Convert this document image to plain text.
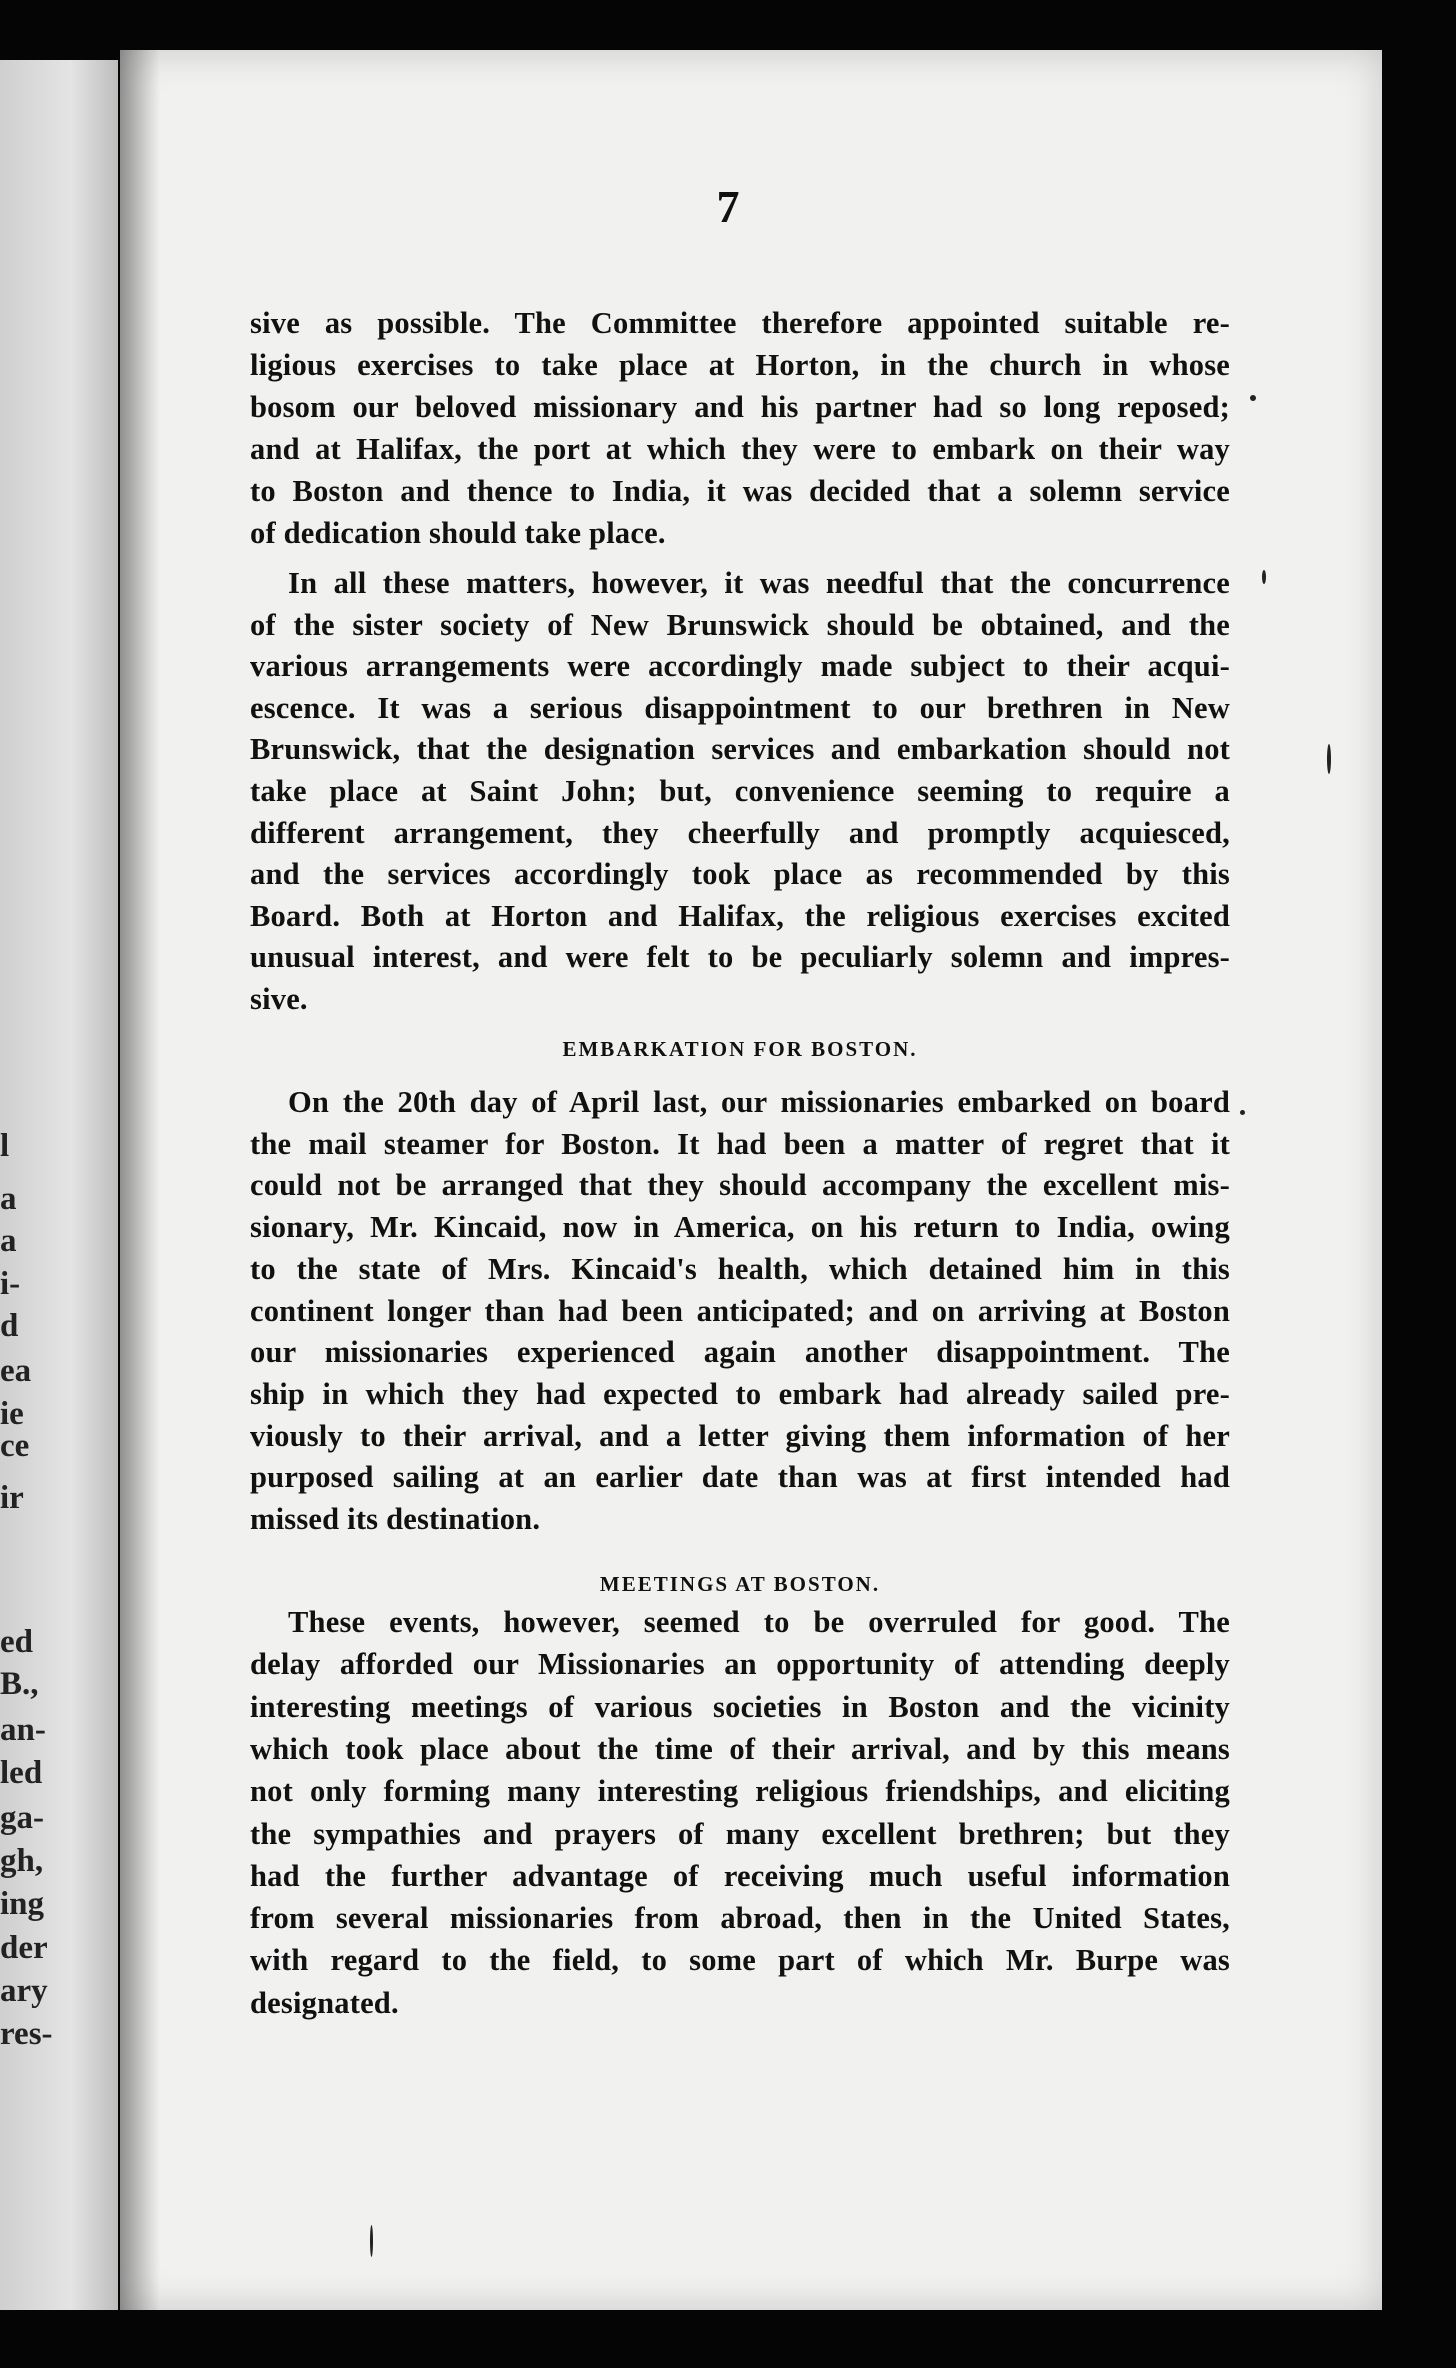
l
a
a
i-
d
ea
ie
ce
ir
ed
B.,
an-
led
ga-
gh,
ing
der
ary
res-
7
sive as possible. The Committee therefore appointed suitable re-
ligious exercises to take place at Horton, in the church in whose
bosom our beloved missionary and his partner had so long reposed;
and at Halifax, the port at which they were to embark on their way
to Boston and thence to India, it was decided that a solemn service
of dedication should take place.
In all these matters, however, it was needful that the concurrence
of the sister society of New Brunswick should be obtained, and the
various arrangements were accordingly made subject to their acqui-
escence. It was a serious disappointment to our brethren in New
Brunswick, that the designation services and embarkation should not
take place at Saint John; but, convenience seeming to require a
different arrangement, they cheerfully and promptly acquiesced,
and the services accordingly took place as recommended by this
Board. Both at Horton and Halifax, the religious exercises excited
unusual interest, and were felt to be peculiarly solemn and impres-
sive.
EMBARKATION FOR BOSTON.
On the 20th day of April last, our missionaries embarked on board
the mail steamer for Boston. It had been a matter of regret that it
could not be arranged that they should accompany the excellent mis-
sionary, Mr. Kincaid, now in America, on his return to India, owing
to the state of Mrs. Kincaid's health, which detained him in this
continent longer than had been anticipated; and on arriving at Boston
our missionaries experienced again another disappointment. The
ship in which they had expected to embark had already sailed pre-
viously to their arrival, and a letter giving them information of her
purposed sailing at an earlier date than was at first intended had
missed its destination.
MEETINGS AT BOSTON.
These events, however, seemed to be overruled for good. The
delay afforded our Missionaries an opportunity of attending deeply
interesting meetings of various societies in Boston and the vicinity
which took place about the time of their arrival, and by this means
not only forming many interesting religious friendships, and eliciting
the sympathies and prayers of many excellent brethren; but they
had the further advantage of receiving much useful information
from several missionaries from abroad, then in the United States,
with regard to the field, to some part of which Mr. Burpe was
designated.
